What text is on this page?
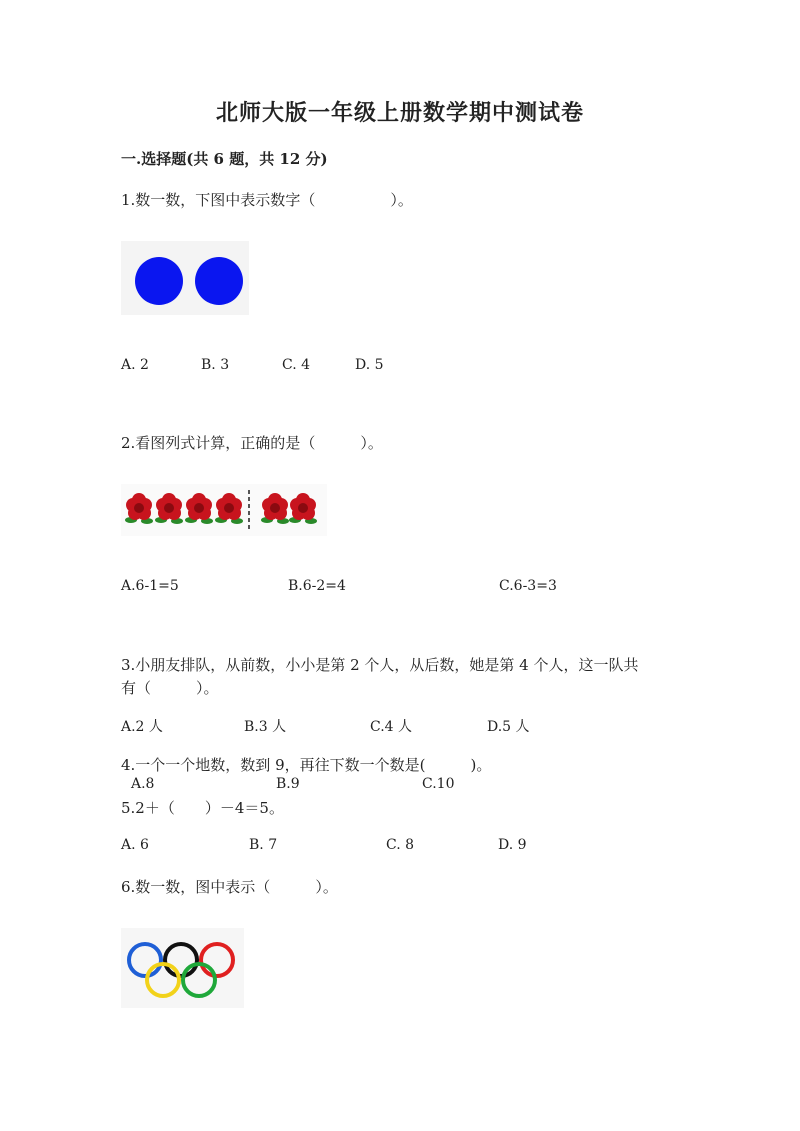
北师大版一年级上册数学期中测试卷
一.选择题(共 6 题，共 12 分)
1.数一数，下图中表示数字（　　　　　）。
A. 2	B. 3	C. 4	D. 5
2.看图列式计算，正确的是（　　　）。
A.6-1=5	B.6-2=4	C.6-3=3
3.小朋友排队，从前数，小小是第 2 个人，从后数，她是第 4 个人，这一队共
有（　　　）。
A.2 人	B.3 人	C.4 人	D.5 人
4.一个一个地数，数到 9，再往下数一个数是(　　　)。
A.8	B.9	C.10
5.2＋（　　）－4＝5。
A. 6	B. 7	C. 8	D. 9
6.数一数，图中表示（　　　）。
